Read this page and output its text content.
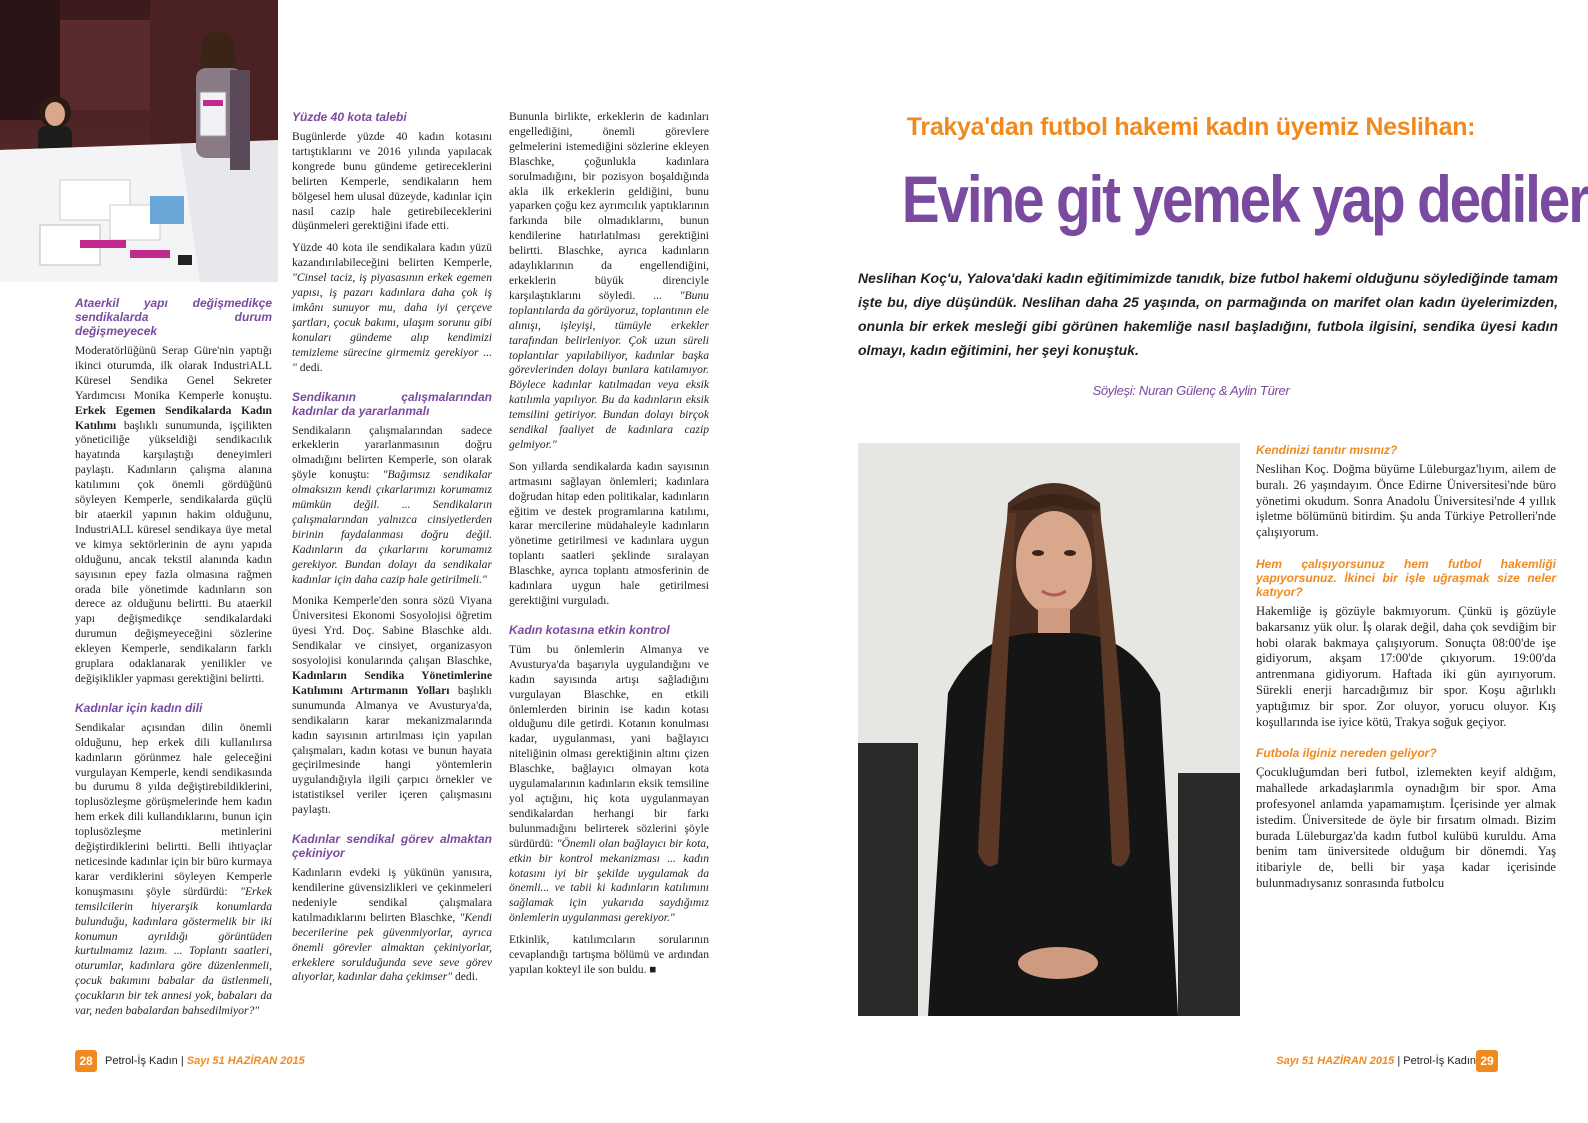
Ataerkil yapı değişmedikçe sendikalarda durum değişmeyecek

Moderatörlüğünü Serap Güre'nin yaptığı ikinci oturumda, ilk olarak IndustriALL Küresel Sendika Genel Sekreter Yardımcısı Monika Kemperle konuştu. Erkek Egemen Sendikalarda Kadın Katılımı başlıklı sunumunda, işçilikten yöneticiliğe yükseldiği sendikacılık hayatında karşılaştığı deneyimleri paylaştı. Kadınların çalışma alanına katılımını çok önemli gördüğünü söyleyen Kemperle, sendikalarda güçlü bir ataerkil yapının hakim olduğunu, IndustriALL küresel sendikaya üye metal ve kimya sektörlerinin de aynı yapıda olduğunu, ancak tekstil alanında kadın sayısının epey fazla olmasına rağmen orada bile yönetimde kadınların son derece az olduğunu belirtti. Bu ataerkil yapı değişmedikçe sendikalardaki durumun değişmeyeceğini sözlerine ekleyen Kemperle, sendikaların farklı gruplara odaklanarak yenilikler ve değişiklikler yapması gerektiğini belirtti.

Kadınlar için kadın dili

Sendikalar açısından dilin önemli olduğunu, hep erkek dili kullanılırsa kadınların görünmez hale geleceğini vurgulayan Kemperle, kendi sendikasında bu durumu 8 yılda değiştirebildiklerini, toplusözleşme görüşmelerinde hem kadın hem erkek dili kullandıklarını, bunun için toplusözleşme metinlerini değiştirdiklerini belirtti. Belli ihtiyaçlar neticesinde kadınlar için bir büro kurmaya karar verdiklerini söyleyen Kemperle konuşmasını şöyle sürdürdü: "Erkek temsilcilerin hiyerarşik konumlarda bulunduğu, kadınlara göstermelik bir iki konumun ayrıldığı görüntüden kurtulmamız lazım. ... Toplantı saatleri, oturumlar, kadınlara göre düzenlenmeli, çocuk bakımını babalar da üstlenmeli, çocukların bir tek annesi yok, babaları da var, neden babalardan bahsedilmiyor?"

Yüzde 40 kota talebi

Bugünlerde yüzde 40 kadın kotasını tartıştıklarını ve 2016 yılında yapılacak kongrede bunu gündeme getireceklerini belirten Kemperle, sendikaların hem bölgesel hem ulusal düzeyde, kadınlar için nasıl cazip hale getirebileceklerini düşünmeleri gerektiğini ifade etti.

Yüzde 40 kota ile sendikalara kadın yüzü kazandırılabileceğini belirten Kemperle, "Cinsel taciz, iş piyasasının erkek egemen yapısı, iş pazarı kadınlara daha çok iş imkânı sunuyor mu, daha iyi çerçeve şartları, çocuk bakımı, ulaşım sorunu gibi konuları gündeme alıp kendimizi temizleme sürecine girmemiz gerekiyor ... " dedi.

Sendikanın çalışmalarından kadınlar da yararlanmalı

Sendikaların çalışmalarından sadece erkeklerin yararlanmasının doğru olmadığını belirten Kemperle, son olarak şöyle konuştu: "Bağımsız sendikalar olmaksızın kendi çıkarlarımızı korumamız mümkün değil. ... Sendikaların çalışmalarından yalnızca cinsiyetlerden birinin faydalanması doğru değil. Kadınların da çıkarlarını korumamız gerekiyor. Bundan dolayı da sendikalar kadınlar için daha cazip hale getirilmeli."

Monika Kemperle'den sonra sözü Viyana Üniversitesi Ekonomi Sosyolojisi öğretim üyesi Yrd. Doç. Sabine Blaschke aldı. Sendikalar ve cinsiyet, organizasyon sosyolojisi konularında çalışan Blaschke, Kadınların Sendika Yönetimlerine Katılımını Artırmanın Yolları başlıklı sunumunda Almanya ve Avusturya'da, sendikaların karar mekanizmalarında kadın sayısının artırılması için yapılan çalışmaları, kadın kotası ve bunun hayata geçirilmesinde hangi yöntemlerin uygulandığıyla ilgili çarpıcı örnekler ve istatistiksel veriler içeren çalışmasını paylaştı.

Kadınlar sendikal görev almaktan çekiniyor

Kadınların evdeki iş yükünün yanısıra, kendilerine güvensizlikleri ve çekinmeleri nedeniyle sendikal çalışmalara katılmadıklarını belirten Blaschke, "Kendi becerilerine pek güvenmiyorlar, ayrıca önemli görevler almaktan çekiniyorlar, erkeklere sorulduğunda seve seve görev alıyorlar, kadınlar daha çekimser" dedi.

Bununla birlikte, erkeklerin de kadınları engellediğini, önemli görevlere gelmelerini istemediğini sözlerine ekleyen Blaschke, çoğunlukla kadınlara sorulmadığını, bir pozisyon boşaldığında akla ilk erkeklerin geldiğini, bunu yaparken çoğu kez ayrımcılık yaptıklarının farkında bile olmadıklarını, bunun kendilerine hatırlatılması gerektiğini belirtti. Blaschke, ayrıca kadınların adaylıklarının da engellendiğini, erkeklerin büyük direnciyle karşılaştıklarını söyledi. ... "Bunu toplantılarda da görüyoruz, toplantının ele alınışı, işleyişi, tümüyle erkekler tarafından belirleniyor. Çok uzun süreli toplantılar yapılabiliyor, kadınlar başka görevlerinden dolayı bunlara katılamıyor. Böylece kadınlar katılmadan veya eksik katılımla yapılıyor. Bu da kadınların eksik temsilini getiriyor. Bundan dolayı birçok sendikal faaliyet de kadınlara cazip gelmiyor."

Son yıllarda sendikalarda kadın sayısının artmasını sağlayan önlemleri; kadınlara doğrudan hitap eden politikalar, kadınların eğitim ve destek programlarına katılımı, karar mercilerine müdahaleyle kadınların yönetime getirilmesi ve kadınlara uygun toplantı saatleri şeklinde sıralayan Blaschke, ayrıca toplantı atmosferinin de kadınlara uygun hale getirilmesi gerektiğini vurguladı.

Kadın kotasına etkin kontrol

Tüm bu önlemlerin Almanya ve Avusturya'da başarıyla uygulandığını ve kadın sayısında artışı sağladığını vurgulayan Blaschke, en etkili önlemlerden birinin ise kadın kotası olduğunu dile getirdi. Kotanın konulması kadar, uygulanması, yani bağlayıcı niteliğinin olması gerektiğinin altını çizen Blaschke, bağlayıcı olmayan kota uygulamalarının kadınların eksik temsiline yol açtığını, hiç kota uygulanmayan sendikalardan herhangi bir farkı bulunmadığını belirterek sözlerini şöyle sürdürdü: "Önemli olan bağlayıcı bir kota, etkin bir kontrol mekanizması ... kadın kotasını iyi bir şekilde uygulamak da önemli... ve tabii ki kadınların katılımını sağlamak için yukarıda saydığımız önlemlerin uygulanması gerekiyor."

Etkinlik, katılımcıların sorularının cevaplandığı tartışma bölümü ve ardından yapılan kokteyl ile son buldu. ■

28	Petrol-İş Kadın | Sayı 51 HAZİRAN 2015
Trakya'dan futbol hakemi kadın üyemiz Neslihan:
Evine git yemek yap dediler
Neslihan Koç'u, Yalova'daki kadın eğitimimizde tanıdık, bize futbol hakemi olduğunu söylediğinde tamam işte bu, diye düşündük. Neslihan daha 25 yaşında, on parmağında on marifet olan kadın üyelerimizden, onunla bir erkek mesleği gibi görünen hakemliğe nasıl başladığını, futbola ilgisini, sendika üyesi kadın olmayı, kadın eğitimini, her şeyi konuştuk.
Söyleşi: Nuran Gülenç & Aylin Türer
Kendinizi tanıtır mısınız?

Neslihan Koç. Doğma büyüme Lüleburgaz'lıyım, ailem de buralı. 26 yaşındayım. Önce Edirne Üniversitesi'nde büro yönetimi okudum. Sonra Anadolu Üniversitesi'nde 4 yıllık işletme bölümünü bitirdim. Şu anda Türkiye Petrolleri'nde çalışıyorum.

Hem çalışıyorsunuz hem futbol hakemliği yapıyorsunuz. İkinci bir işle uğraşmak size neler katıyor?

Hakemliğe iş gözüyle bakmıyorum. Çünkü iş gözüyle bakarsanız yük olur. İş olarak değil, daha çok sevdiğim bir hobi olarak bakmaya çalışıyorum. Sonuçta 08:00'de işe gidiyorum, akşam 17:00'de çıkıyorum. 19:00'da antrenmana gidiyorum. Haftada iki gün ayırıyorum. Sürekli enerji harcadığımız bir spor. Koşu ağırlıklı yaptığımız bir spor. Zor oluyor, yorucu oluyor. Kış koşullarında ise iyice kötü, Trakya soğuk geçiyor.

Futbola ilginiz nereden geliyor?

Çocukluğumdan beri futbol, izlemekten keyif aldığım, mahallede arkadaşlarımla oynadığım bir spor. Ama profesyonel anlamda yapamamıştım. İçerisinde yer almak istedim. Üniversitede de öyle bir fırsatım olmadı. Bizim burada Lüleburgaz'da kadın futbol kulübü kuruldu. Ama benim tam üniversitede olduğum bir dönemdi. Yaş itibariyle de, belli bir yaşa kadar içerisinde bulunmadıysanız sonrasında futbolcu

Sayı 51 HAZİRAN 2015 | Petrol-İş Kadın 29
